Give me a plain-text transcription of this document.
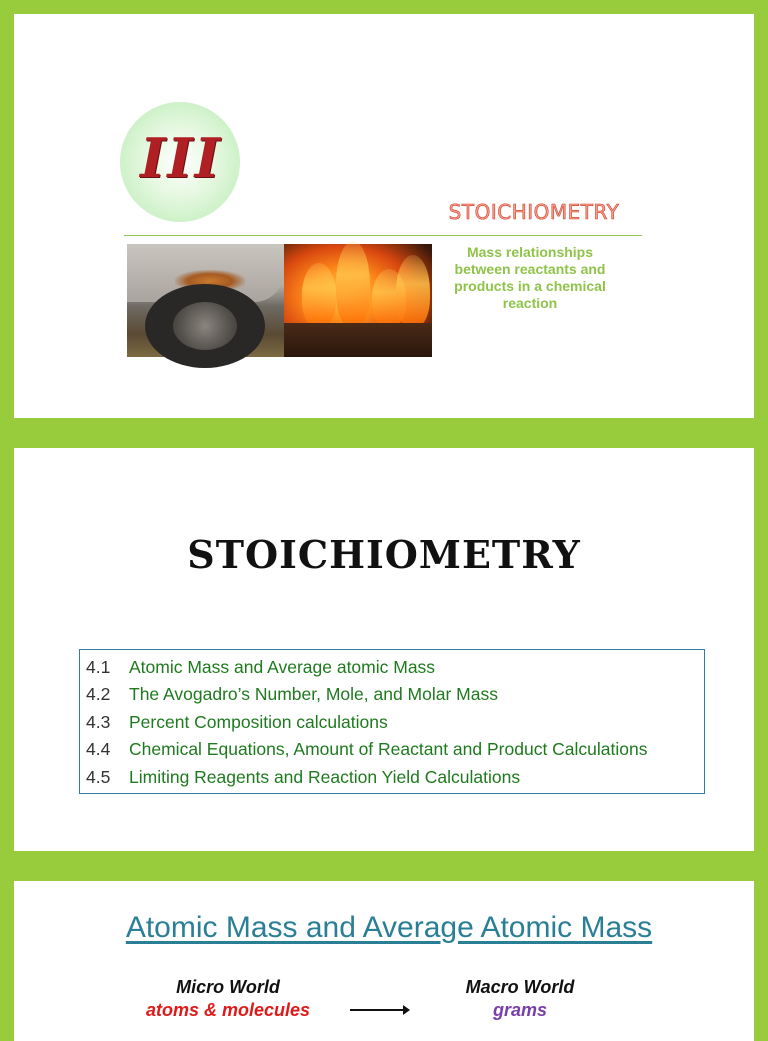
III
STOICHIOMETRY
Mass relationships between reactants and products in a chemical reaction
STOICHIOMETRY
4.1 Atomic Mass and Average atomic Mass
4.2 The Avogadro’s Number, Mole, and Molar Mass
4.3 Percent Composition calculations
4.4 Chemical Equations, Amount of Reactant and Product Calculations
4.5 Limiting Reagents and Reaction Yield Calculations
Atomic Mass and Average Atomic Mass
Micro World
atoms & molecules
Macro World
grams
